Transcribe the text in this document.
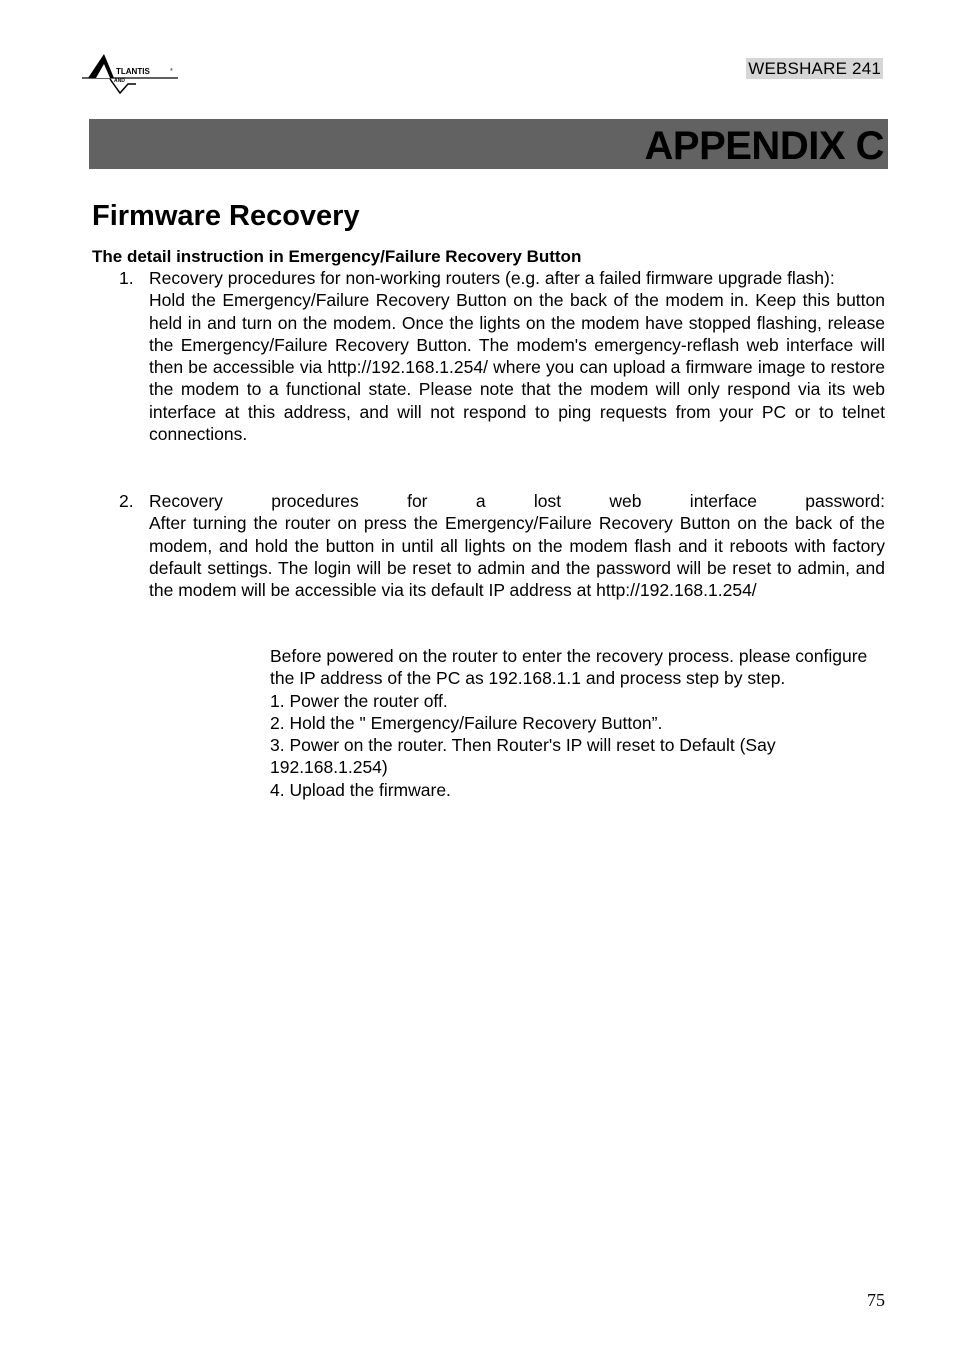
TLANTIS
AND
®	WEBSHARE 241
APPENDIX C
Firmware Recovery
The detail instruction in Emergency/Failure Recovery Button
1. Recovery procedures for non-working routers (e.g. after a failed firmware upgrade flash):

Hold the Emergency/Failure Recovery Button on the back of the modem in. Keep this button held in and turn on the modem. Once the lights on the modem have stopped flashing, release the Emergency/Failure Recovery Button. The modem's emergency-reflash web interface will then be accessible via http://192.168.1.254/ where you can upload a firmware image to restore the modem to a functional state. Please note that the modem will only respond via its web interface at this address, and will not respond to ping requests from your PC or to telnet connections.

2. Recovery procedures for a lost web interface password:

After turning the router on press the Emergency/Failure Recovery Button on the back of the modem, and hold the button in until all lights on the modem flash and it reboots with factory default settings. The login will be reset to admin and the password will be reset to admin, and the modem will be accessible via its default IP address at http://192.168.1.254/

Before powered on the router to enter the recovery process. please configure the IP address of the PC as 192.168.1.1 and process step by step.

1. Power the router off.

2. Hold the " Emergency/Failure Recovery Button”.

3. Power on the router. Then Router's IP will reset to Default (Say 192.168.1.254)

4. Upload the firmware.

75
